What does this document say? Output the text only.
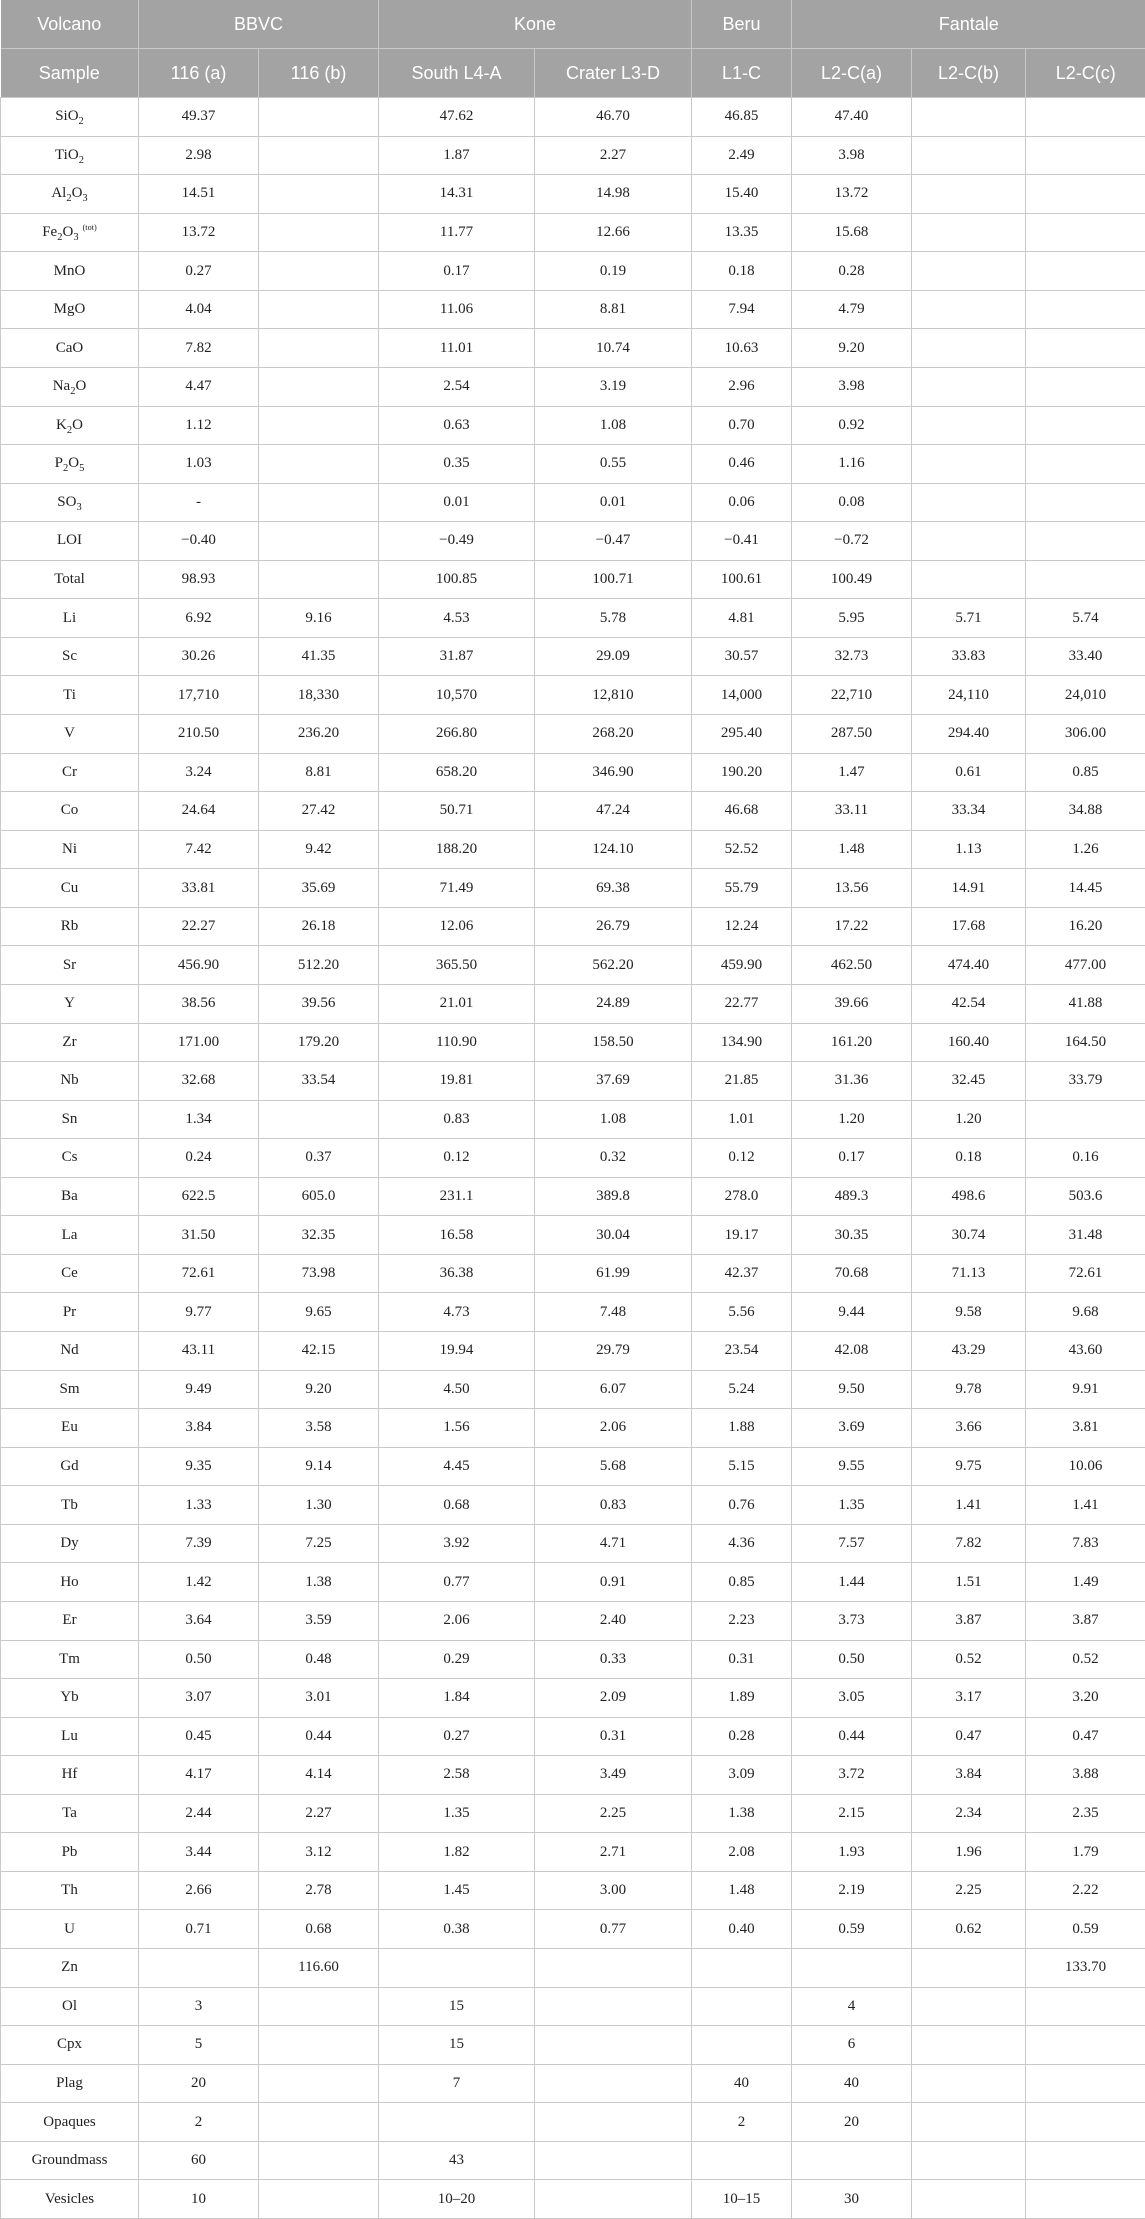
Volcano	BBVC		Kone		Beru	Fantale		
Sample	116 (a)	116 (b)	South L4-A	Crater L3-D	L1-C	L2-C(a)	L2-C(b)	L2-C(c)
SiO$_2$	49.37		47.62	46.70	46.85	47.40		
TiO$_2$	2.98		1.87	2.27	2.49	3.98		
$Al_2O_3$	14.51		14.31	14.98	15.40	13.72		
$Fe_2O_3^{(tot)}$	13.72		11.77	12.66	13.35	15.68		
MnO	0.27		0.17	0.19	0.18	0.28		
MgO	4.04		11.06	8.81	7.94	4.79		
CaO	7.82		11.01	10.74	10.63	9.20		
$Na_2O$	4.47		2.54	3.19	2.96	3.98		
$K_2O$	1.12		0.63	1.08	0.70	0.92		
$P_2O_5$	1.03		0.35	0.55	0.46	1.16		
$SO_3$	-		0.01	0.01	0.06	0.08		
LOI	−0.40		−0.49	−0.47	−0.41	−0.72		
Total	98.93		100.85	100.71	100.61	100.49		
Li	6.92	9.16	4.53	5.78	4.81	5.95	5.71	5.74
Sc	30.26	41.35	31.87	29.09	30.57	32.73	33.83	33.40
Ti	17,710	18,330	10,570	12,810	14,000	22,710	24,110	24,010
V	210.50	236.20	266.80	268.20	295.40	287.50	294.40	306.00
Cr	3.24	8.81	658.20	346.90	190.20	1.47	0.61	0.85
Co	24.64	27.42	50.71	47.24	46.68	33.11	33.34	34.88
Ni	7.42	9.42	188.20	124.10	52.52	1.48	1.13	1.26
Cu	33.81	35.69	71.49	69.38	55.79	13.56	14.91	14.45
Rb	22.27	26.18	12.06	26.79	12.24	17.22	17.68	16.20
Sr	456.90	512.20	365.50	562.20	459.90	462.50	474.40	477.00
Y	38.56	39.56	21.01	24.89	22.77	39.66	42.54	41.88
Zr	171.00	179.20	110.90	158.50	134.90	161.20	160.40	164.50
Nb	32.68	33.54	19.81	37.69	21.85	31.36	32.45	33.79
Sn	1.34		0.83	1.08	1.01	1.20	1.20	
Cs	0.24	0.37	0.12	0.32	0.12	0.17	0.18	0.16
Ba	622.5	605.0	231.1	389.8	278.0	489.3	498.6	503.6
La	31.50	32.35	16.58	30.04	19.17	30.35	30.74	31.48
Ce	72.61	73.98	36.38	61.99	42.37	70.68	71.13	72.61
Pr	9.77	9.65	4.73	7.48	5.56	9.44	9.58	9.68
Nd	43.11	42.15	19.94	29.79	23.54	42.08	43.29	43.60
Sm	9.49	9.20	4.50	6.07	5.24	9.50	9.78	9.91
Eu	3.84	3.58	1.56	2.06	1.88	3.69	3.66	3.81
Gd	9.35	9.14	4.45	5.68	5.15	9.55	9.75	10.06
Tb	1.33	1.30	0.68	0.83	0.76	1.35	1.41	1.41
Dy	7.39	7.25	3.92	4.71	4.36	7.57	7.82	7.83
Ho	1.42	1.38	0.77	0.91	0.85	1.44	1.51	1.49
Er	3.64	3.59	2.06	2.40	2.23	3.73	3.87	3.87
Tm	0.50	0.48	0.29	0.33	0.31	0.50	0.52	0.52
Yb	3.07	3.01	1.84	2.09	1.89	3.05	3.17	3.20
Lu	0.45	0.44	0.27	0.31	0.28	0.44	0.47	0.47
Hf	4.17	4.14	2.58	3.49	3.09	3.72	3.84	3.88
Ta	2.44	2.27	1.35	2.25	1.38	2.15	2.34	2.35
Pb	3.44	3.12	1.82	2.71	2.08	1.93	1.96	1.79
Th	2.66	2.78	1.45	3.00	1.48	2.19	2.25	2.22
U	0.71	0.68	0.38	0.77	0.40	0.59	0.62	0.59
Zn		116.60						133.70
Ol	3		15			4		
Cpx	5		15			6		
Plag	20		7		40	40		
Opaques	2				2	20		
Groundmass	60		43					
Vesicles	10		10–20		10–15	30		
